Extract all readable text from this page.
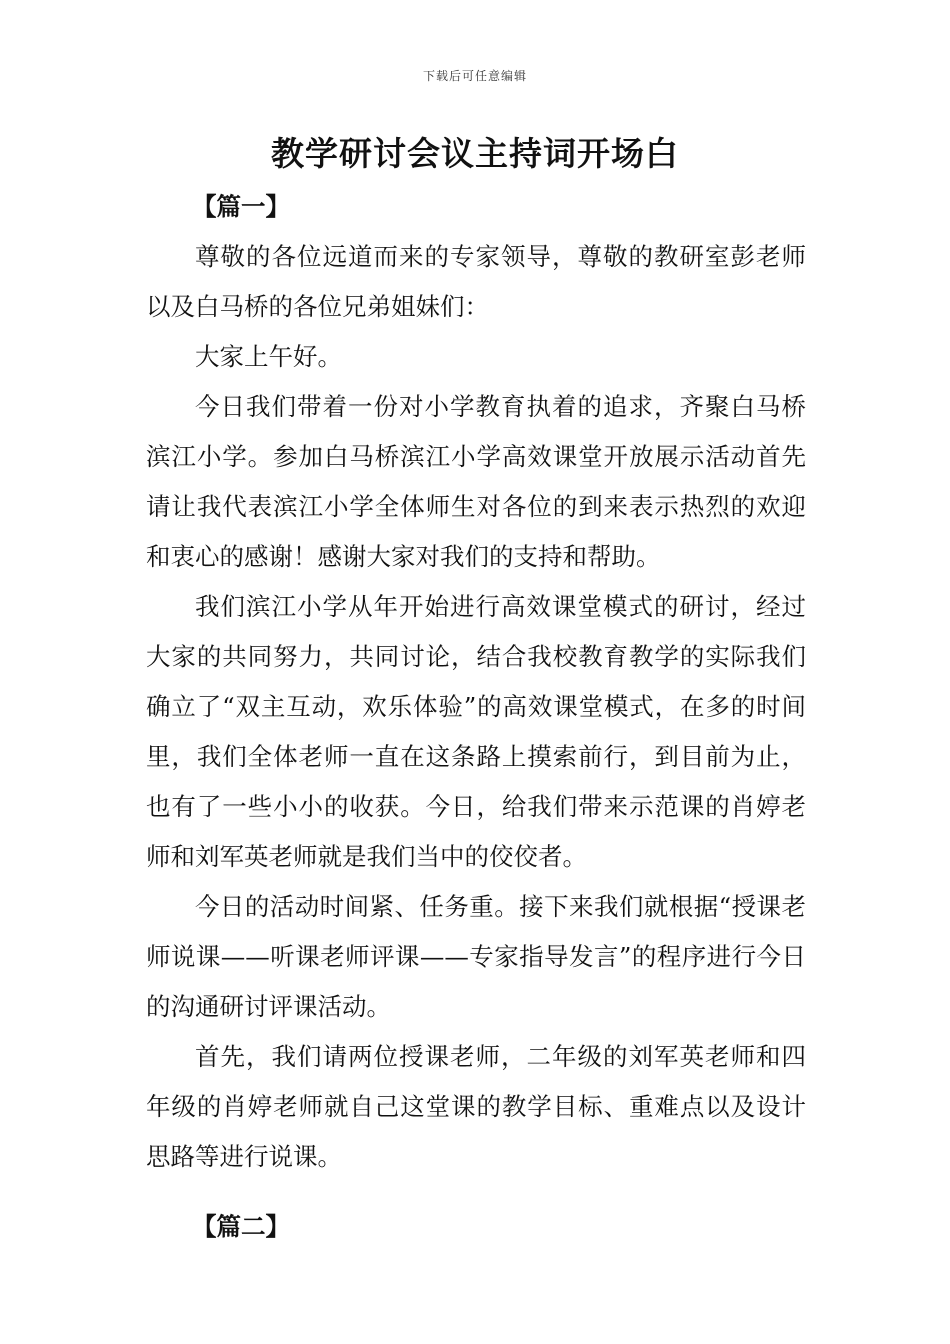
下载后可任意编辑
教学研讨会议主持词开场白
【篇一】

尊敬的各位远道而来的专家领导，尊敬的教研室彭老师以及白马桥的各位兄弟姐妹们：

大家上午好。

今日我们带着一份对小学教育执着的追求，齐聚白马桥滨江小学。参加白马桥滨江小学高效课堂开放展示活动首先请让我代表滨江小学全体师生对各位的到来表示热烈的欢迎和衷心的感谢！感谢大家对我们的支持和帮助。

我们滨江小学从年开始进行高效课堂模式的研讨，经过大家的共同努力，共同讨论，结合我校教育教学的实际我们确立了“双主互动，欢乐体验”的高效课堂模式，在多的时间里，我们全体老师一直在这条路上摸索前行，到目前为止，也有了一些小小的收获。今日，给我们带来示范课的肖婷老师和刘军英老师就是我们当中的佼佼者。

今日的活动时间紧、任务重。接下来我们就根据“授课老师说课——听课老师评课——专家指导发言”的程序进行今日的沟通研讨评课活动。

首先，我们请两位授课老师，二年级的刘军英老师和四年级的肖婷老师就自己这堂课的教学目标、重难点以及设计思路等进行说课。

【篇二】
